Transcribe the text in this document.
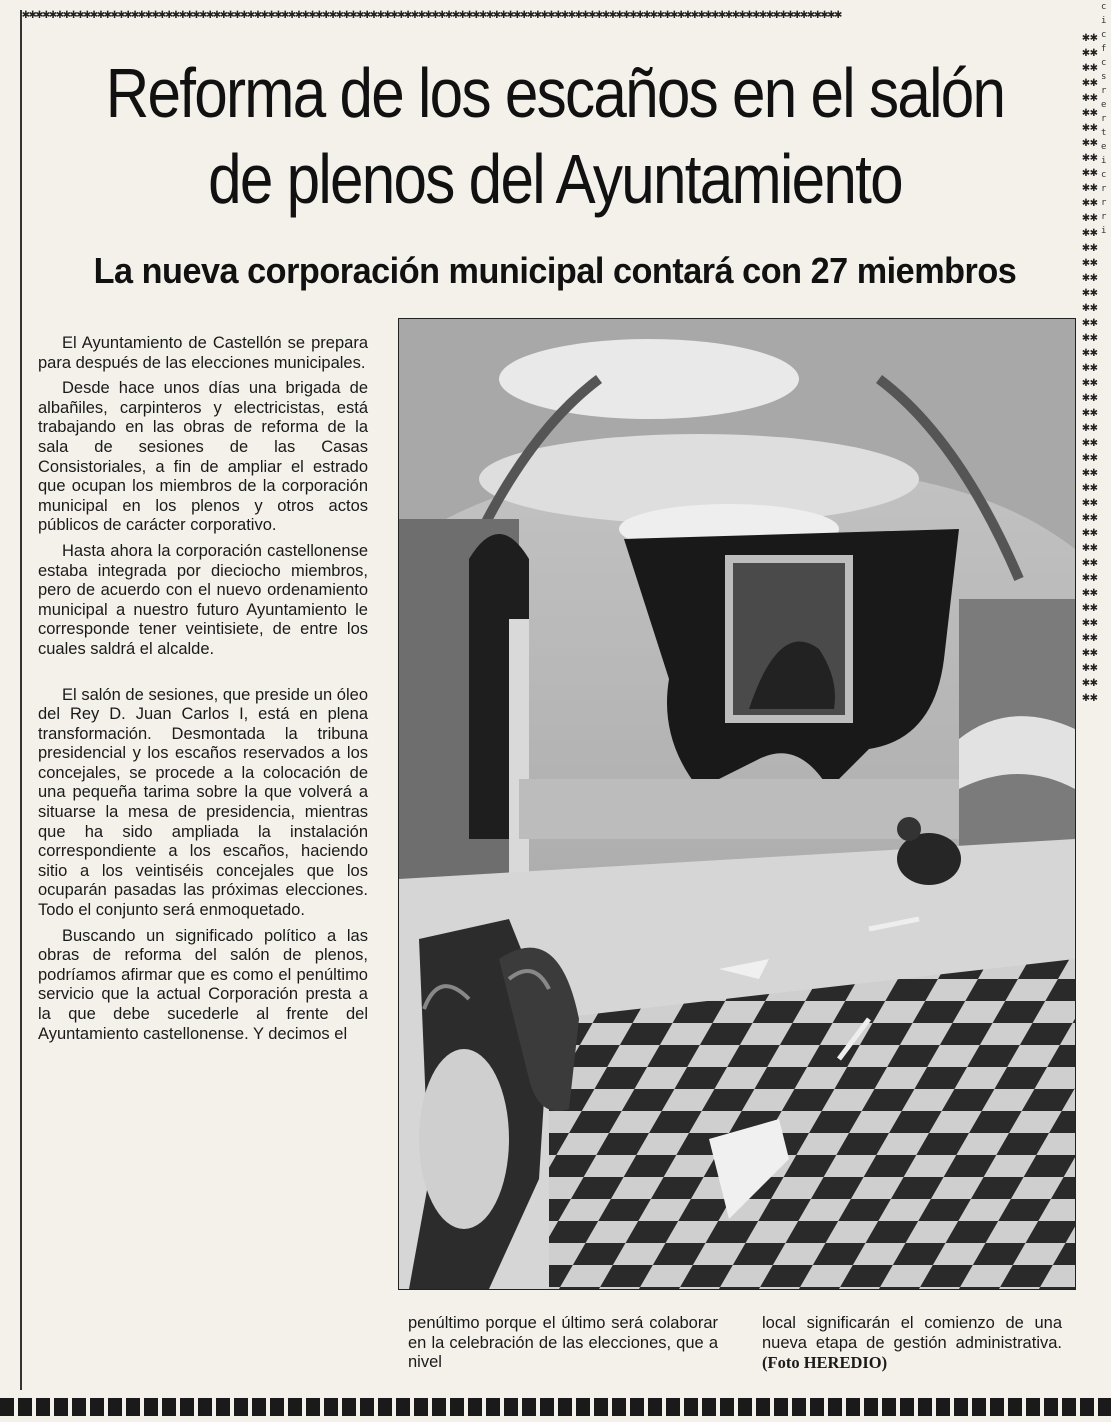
✱✱✱✱✱✱✱✱✱✱✱✱✱✱✱✱✱✱✱✱✱✱✱✱✱✱✱✱✱✱✱✱✱✱✱✱✱✱✱✱✱✱✱✱✱✱✱✱✱✱✱✱✱✱✱✱✱✱✱✱✱✱✱✱✱✱✱✱✱✱✱✱✱✱✱✱✱✱✱✱✱✱✱✱✱✱✱✱✱✱✱✱✱✱✱✱✱✱✱✱✱✱✱✱✱✱✱✱✱✱✱✱✱✱✱✱✱✱✱✱
✱✱✱✱✱✱✱✱✱✱✱✱✱✱✱✱✱✱✱✱✱✱✱✱✱✱✱✱✱✱✱✱✱✱✱✱✱✱✱✱✱✱✱✱✱✱✱✱✱✱✱✱✱✱✱✱✱✱✱✱✱✱✱✱✱✱✱✱✱✱✱✱✱✱✱✱✱✱✱✱✱✱✱✱✱✱✱✱✱✱
cicfcsrerteicrrri
Reforma de los escaños en el salón
de plenos del Ayuntamiento
La nueva corporación municipal contará con 27 miembros

El Ayuntamiento de Castellón se prepara para después de las elecciones municipales.

Desde hace unos días una brigada de albañiles, carpinteros y electricistas, está trabajando en las obras de reforma de la sala de sesiones de las Casas Consistoriales, a fin de ampliar el estrado que ocupan los miembros de la corporación municipal en los plenos y otros actos públicos de carácter corporativo.

Hasta ahora la corporación castellonense estaba integrada por dieciocho miembros, pero de acuerdo con el nuevo ordenamiento municipal a nuestro futuro Ayuntamiento le corresponde tener veintisiete, de entre los cuales saldrá el alcalde.

El salón de sesiones, que preside un óleo del Rey D. Juan Carlos I, está en plena transformación. Desmontada la tribuna presidencial y los escaños reservados a los concejales, se procede a la colocación de una pequeña tarima sobre la que volverá a situarse la mesa de presidencia, mientras que ha sido ampliada la instalación correspondiente a los escaños, haciendo sitio a los veintiséis concejales que los ocuparán pasadas las próximas elecciones. Todo el conjunto será enmoquetado.

Buscando un significado político a las obras de reforma del salón de plenos, podríamos afirmar que es como el penúltimo servicio que la actual Corporación presta a la que debe sucederle al frente del Ayuntamiento castellonense. Y decimos el

penúltimo porque el último será colaborar en la celebración de las elecciones, que a nivel
local significarán el comienzo de una nueva etapa de gestión administrativa. (Foto HEREDIO)
